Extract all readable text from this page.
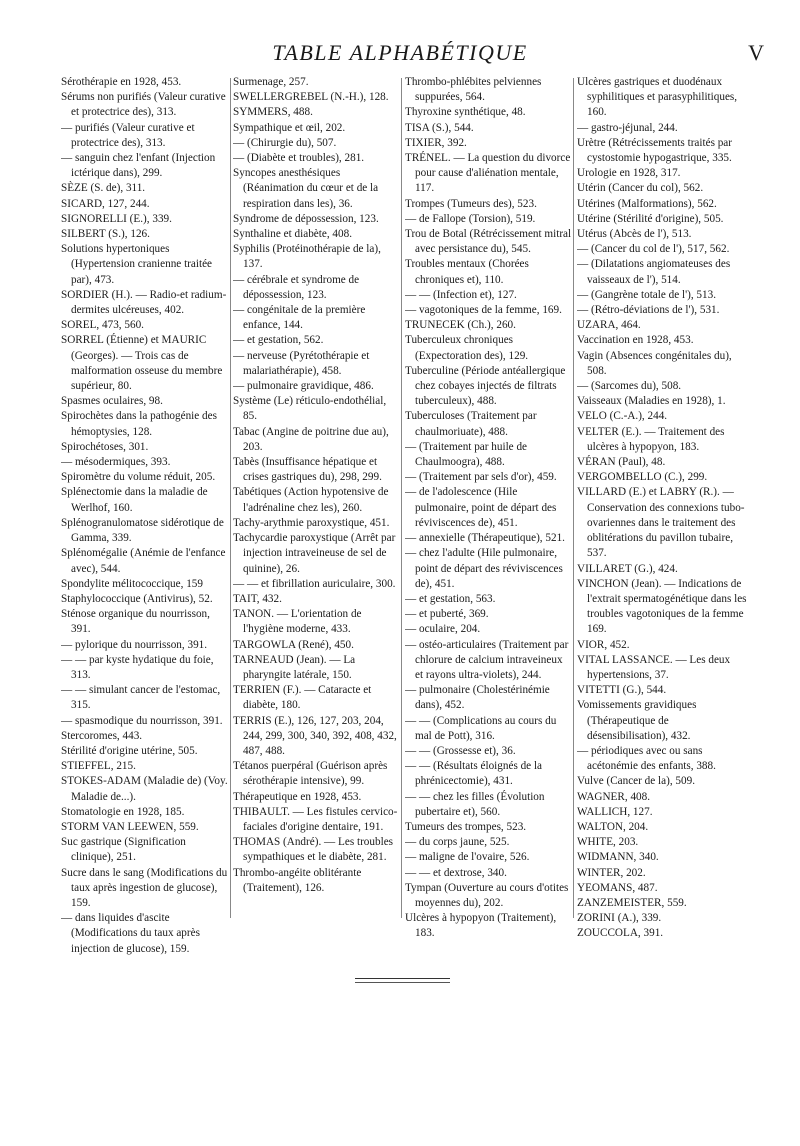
TABLE ALPHABÉTIQUE	V

Sérothérapie en 1928, 453.

Sérums non purifiés (Valeur curative et protectrice des), 313.

— purifiés (Valeur curative et protectrice des), 313.

— sanguin chez l'enfant (Injection ictérique dans), 299.

SÈZE (S. de), 311.

SICARD, 127, 244.

SIGNORELLI (E.), 339.

SILBERT (S.), 126.

Solutions hypertoniques (Hypertension cranienne traitée par), 473.

SORDIER (H.). — Radio-et radium-dermites ulcéreuses, 402.

SOREL, 473, 560.

SORREL (Étienne) et MAURIC (Georges). — Trois cas de malformation osseuse du membre supérieur, 80.

Spasmes oculaires, 98.

Spirochètes dans la pathogénie des hémoptysies, 128.

Spirochétoses, 301.

— mésodermiques, 393.

Spiromètre du volume réduit, 205.

Splénectomie dans la maladie de Werlhof, 160.

Splénogranulomatose sidérotique de Gamma, 339.

Splénomégalie (Anémie de l'enfance avec), 544.

Spondylite mélitococcique, 159

Staphylococcique (Antivirus), 52.

Sténose organique du nourrisson, 391.

— pylorique du nourrisson, 391.

— — par kyste hydatique du foie, 313.

— — simulant cancer de l'estomac, 315.

— spasmodique du nourrisson, 391.

Stercoromes, 443.

Stérilité d'origine utérine, 505.

STIEFFEL, 215.

STOKES-ADAM (Maladie de) (Voy. Maladie de...).

Stomatologie en 1928, 185.

STORM VAN LEEWEN, 559.

Suc gastrique (Signification clinique), 251.

Sucre dans le sang (Modifications du taux après ingestion de glucose), 159.

— dans liquides d'ascite (Modifications du taux après injection de glucose), 159.

Surmenage, 257.

SWELLERGREBEL (N.-H.), 128.

SYMMERS, 488.

Sympathique et œil, 202.

— (Chirurgie du), 507.

— (Diabète et troubles), 281.

Syncopes anesthésiques (Réanimation du cœur et de la respiration dans les), 36.

Syndrome de dépossession, 123.

Synthaline et diabète, 408.

Syphilis (Protéinothérapie de la), 137.

— cérébrale et syndrome de dépossession, 123.

— congénitale de la première enfance, 144.

— et gestation, 562.

— nerveuse (Pyrétothérapie et malariathérapie), 458.

— pulmonaire gravidique, 486.

Système (Le) réticulo-endothélial, 85.

Tabac (Angine de poitrine due au), 203.

Tabès (Insuffisance hépatique et crises gastriques du), 298, 299.

Tabétiques (Action hypotensive de l'adrénaline chez les), 260.

Tachy-arythmie paroxystique, 451.

Tachycardie paroxystique (Arrêt par injection intraveineuse de sel de quinine), 26.

— — et fibrillation auriculaire, 300.

TAIT, 432.

TANON. — L'orientation de l'hygiène moderne, 433.

TARGOWLA (René), 450.

TARNEAUD (Jean). — La pharyngite latérale, 150.

TERRIEN (F.). — Cataracte et diabète, 180.

TERRIS (E.), 126, 127, 203, 204, 244, 299, 300, 340, 392, 408, 432, 487, 488.

Tétanos puerpéral (Guérison après sérothérapie intensive), 99.

Thérapeutique en 1928, 453.

THIBAULT. — Les fistules cervico-faciales d'origine dentaire, 191.

THOMAS (André). — Les troubles sympathiques et le diabète, 281.

Thrombo-angéite oblitérante (Traitement), 126.

Thrombo-phlébites pelviennes suppurées, 564.

Thyroxine synthétique, 48.

TISA (S.), 544.

TIXIER, 392.

TRÉNEL. — La question du divorce pour cause d'aliénation mentale, 117.

Trompes (Tumeurs des), 523.

— de Fallope (Torsion), 519.

Trou de Botal (Rétrécissement mitral avec persistance du), 545.

Troubles mentaux (Chorées chroniques et), 110.

— — (Infection et), 127.

— vagotoniques de la femme, 169.

TRUNECEK (Ch.), 260.

Tuberculeux chroniques (Expectoration des), 129.

Tuberculine (Période antéallergique chez cobayes injectés de filtrats tuberculeux), 488.

Tuberculoses (Traitement par chaulmoriuate), 488.

— (Traitement par huile de Chaulmoogra), 488.

— (Traitement par sels d'or), 459.

— de l'adolescence (Hile pulmonaire, point de départ des réviviscences de), 451.

— annexielle (Thérapeutique), 521.

— chez l'adulte (Hile pulmonaire, point de départ des réviviscences de), 451.

— et gestation, 563.

— et puberté, 369.

— oculaire, 204.

— ostéo-articulaires (Traitement par chlorure de calcium intraveineux et rayons ultra-violets), 244.

— pulmonaire (Cholestérinémie dans), 452.

— — (Complications au cours du mal de Pott), 316.

— — (Grossesse et), 36.

— — (Résultats éloignés de la phrénicectomie), 431.

— — chez les filles (Évolution pubertaire et), 560.

Tumeurs des trompes, 523.

— du corps jaune, 525.

— maligne de l'ovaire, 526.

— — et dextrose, 340.

Tympan (Ouverture au cours d'otites moyennes du), 202.

Ulcères à hypopyon (Traitement), 183.

Ulcères gastriques et duodénaux syphilitiques et parasyphilitiques, 160.

— gastro-jéjunal, 244.

Urètre (Rétrécissements traités par cystostomie hypogastrique, 335.

Urologie en 1928, 317.

Utérin (Cancer du col), 562.

Utérines (Malformations), 562.

Utérine (Stérilité d'origine), 505.

Utérus (Abcès de l'), 513.

— (Cancer du col de l'), 517, 562.

— (Dilatations angiomateuses des vaisseaux de l'), 514.

— (Gangrène totale de l'), 513.

— (Rétro-déviations de l'), 531.

UZARA, 464.

Vaccination en 1928, 453.

Vagin (Absences congénitales du), 508.

— (Sarcomes du), 508.

Vaisseaux (Maladies en 1928), 1.

VELO (C.-A.), 244.

VELTER (E.). — Traitement des ulcères à hypopyon, 183.

VÉRAN (Paul), 48.

VERGOMBELLO (C.), 299.

VILLARD (E.) et LABRY (R.). — Conservation des connexions tubo-ovariennes dans le traitement des oblitérations du pavillon tubaire, 537.

VILLARET (G.), 424.

VINCHON (Jean). — Indications de l'extrait spermatogénétique dans les troubles vagotoniques de la femme 169.

VIOR, 452.

VITAL LASSANCE. — Les deux hypertensions, 37.

VITETTI (G.), 544.

Vomissements gravidiques (Thérapeutique de désensibilisation), 432.

— périodiques avec ou sans acétonémie des enfants, 388.

Vulve (Cancer de la), 509.

WAGNER, 408.

WALLICH, 127.

WALTON, 204.

WHITE, 203.

WIDMANN, 340.

WINTER, 202.

YEOMANS, 487.

ZANZEMEISTER, 559.

ZORINI (A.), 339.

ZOUCCOLA, 391.
